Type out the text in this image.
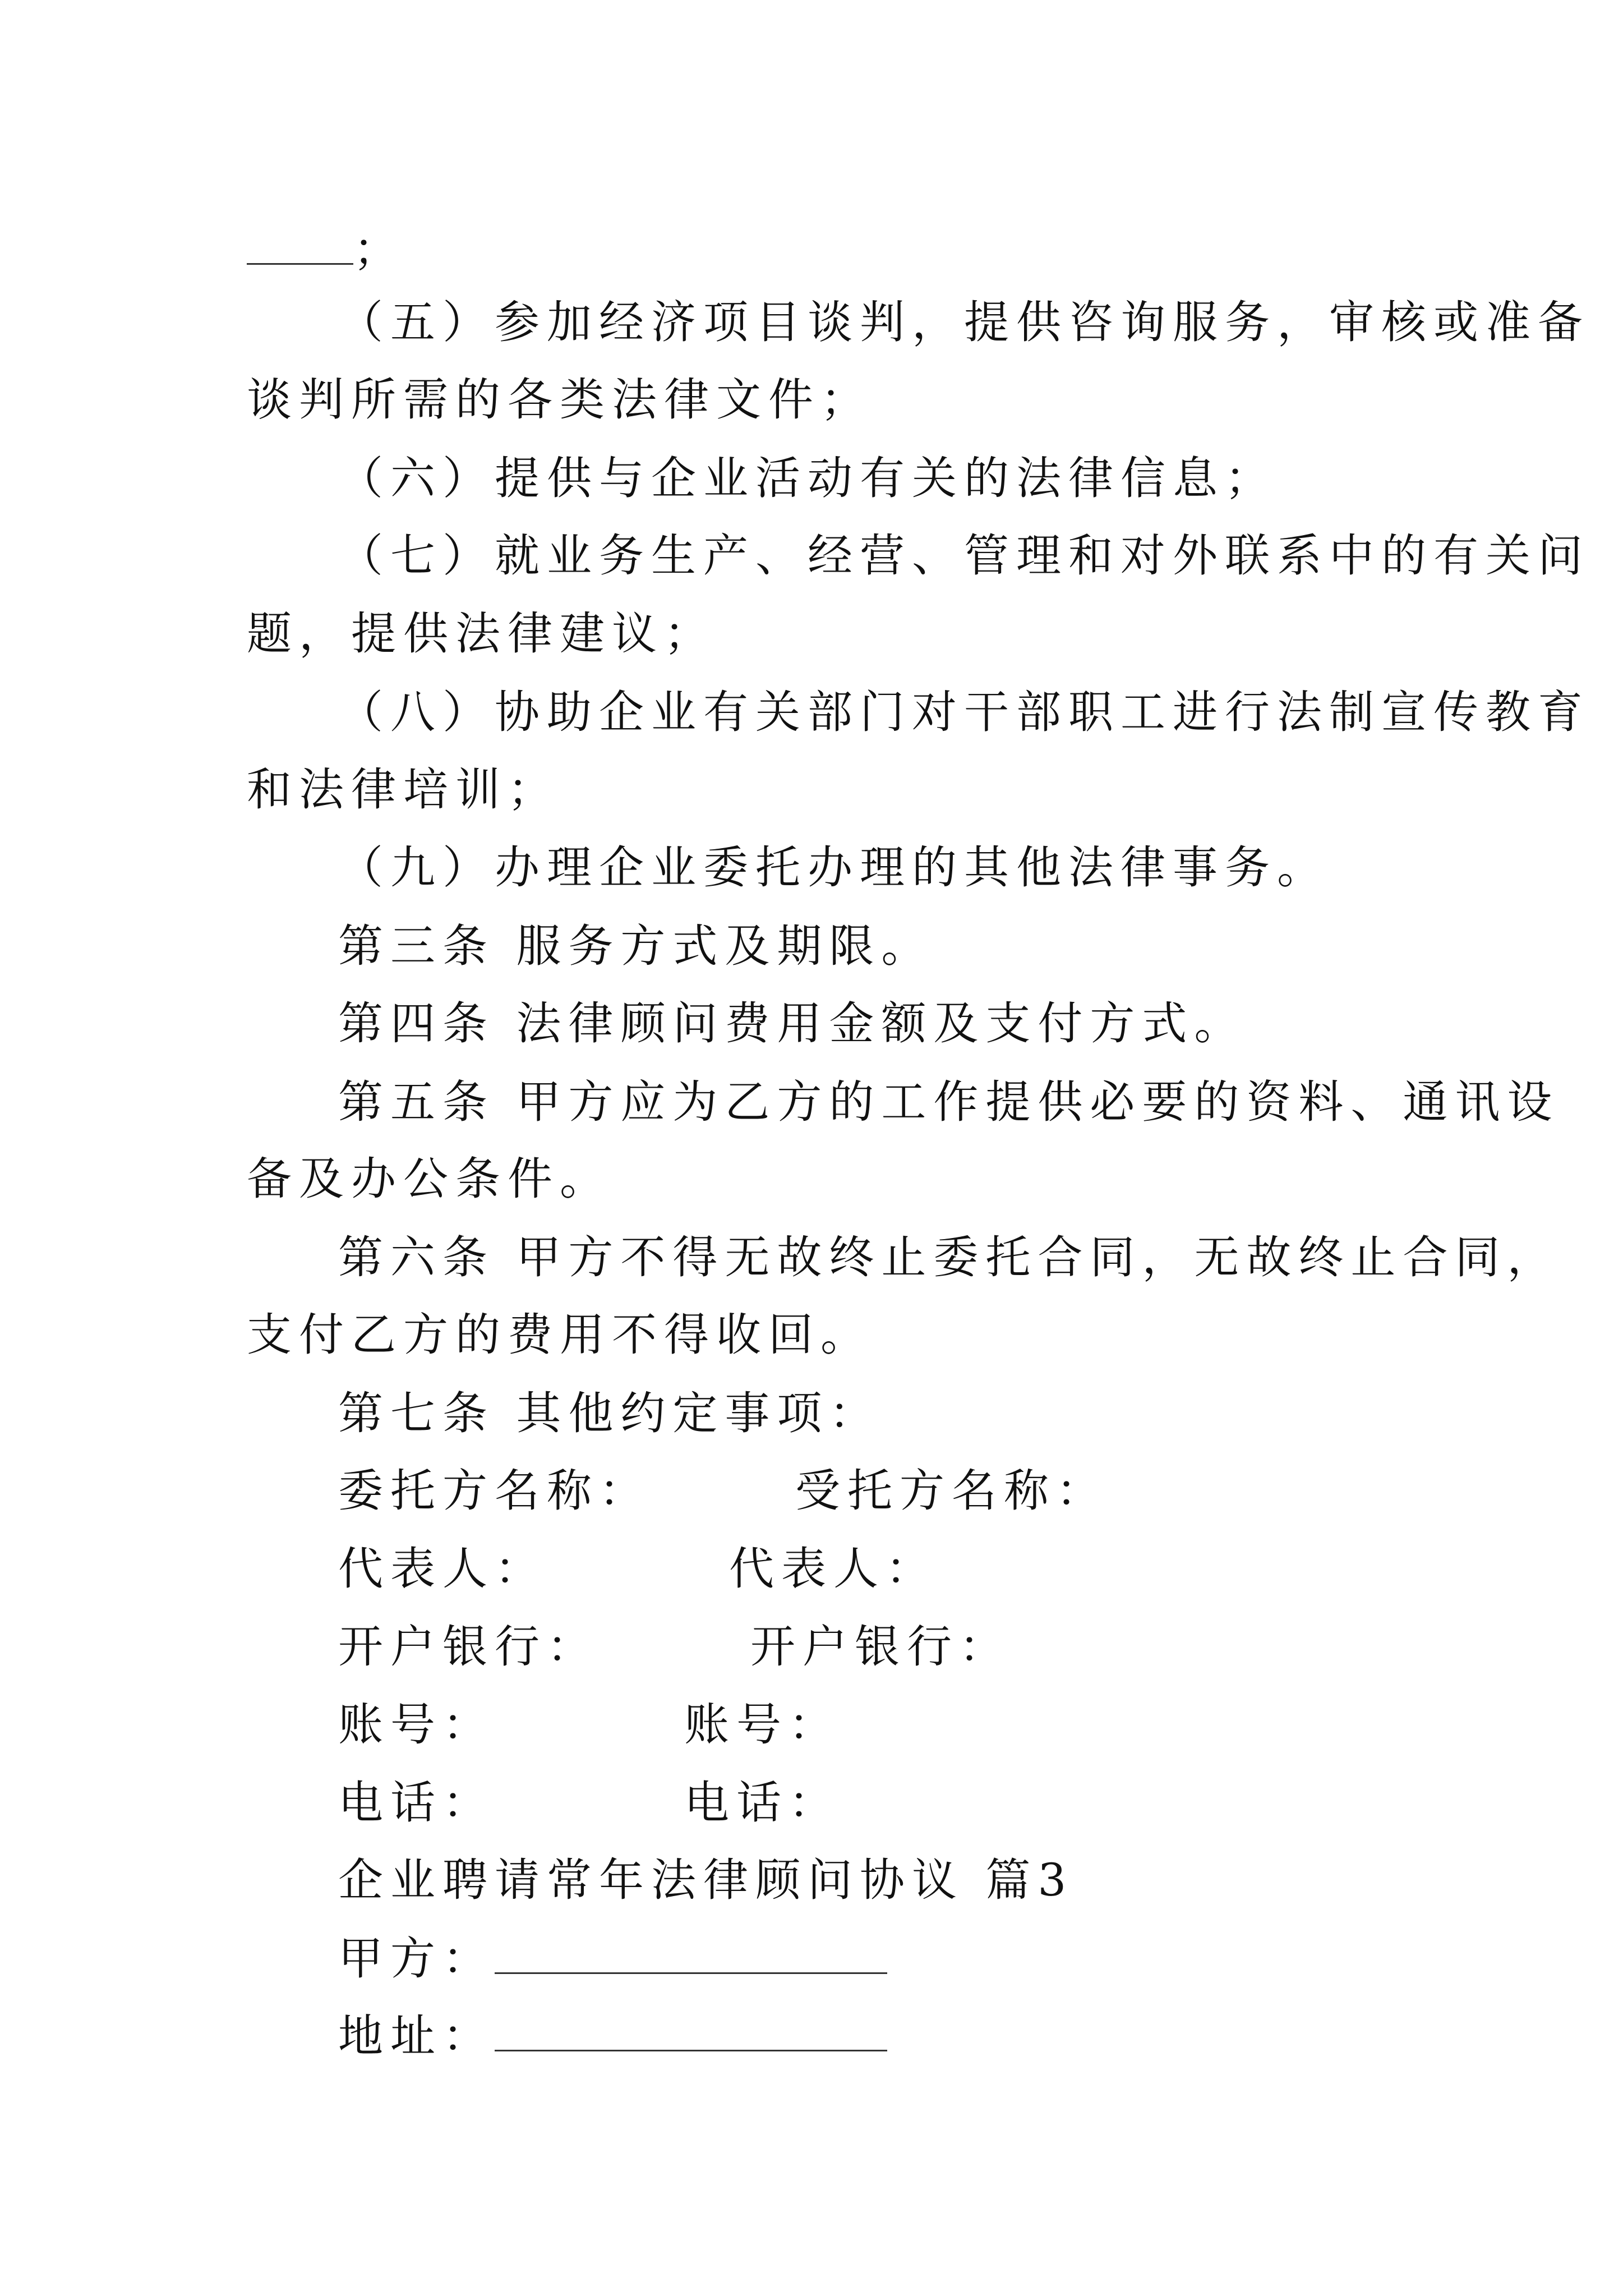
；
（五）参加经济项目谈判，提供咨询服务，审核或准备
谈判所需的各类法律文件；
（六）提供与企业活动有关的法律信息；
（七）就业务生产、经营、管理和对外联系中的有关问
题，提供法律建议；
（八）协助企业有关部门对干部职工进行法制宣传教育
和法律培训；
（九）办理企业委托办理的其他法律事务。
第三条 服务方式及期限。
第四条 法律顾问费用金额及支付方式。
第五条 甲方应为乙方的工作提供必要的资料、通讯设
备及办公条件。
第六条 甲方不得无故终止委托合同，无故终止合同，
支付乙方的费用不得收回。
第七条 其他约定事项：
委托方名称：	受托方名称：
代表人：	代表人：
开户银行：	开户银行：
账号：	账号：
电话：	电话：
企业聘请常年法律顾问协议 篇3
甲方：
地址：
